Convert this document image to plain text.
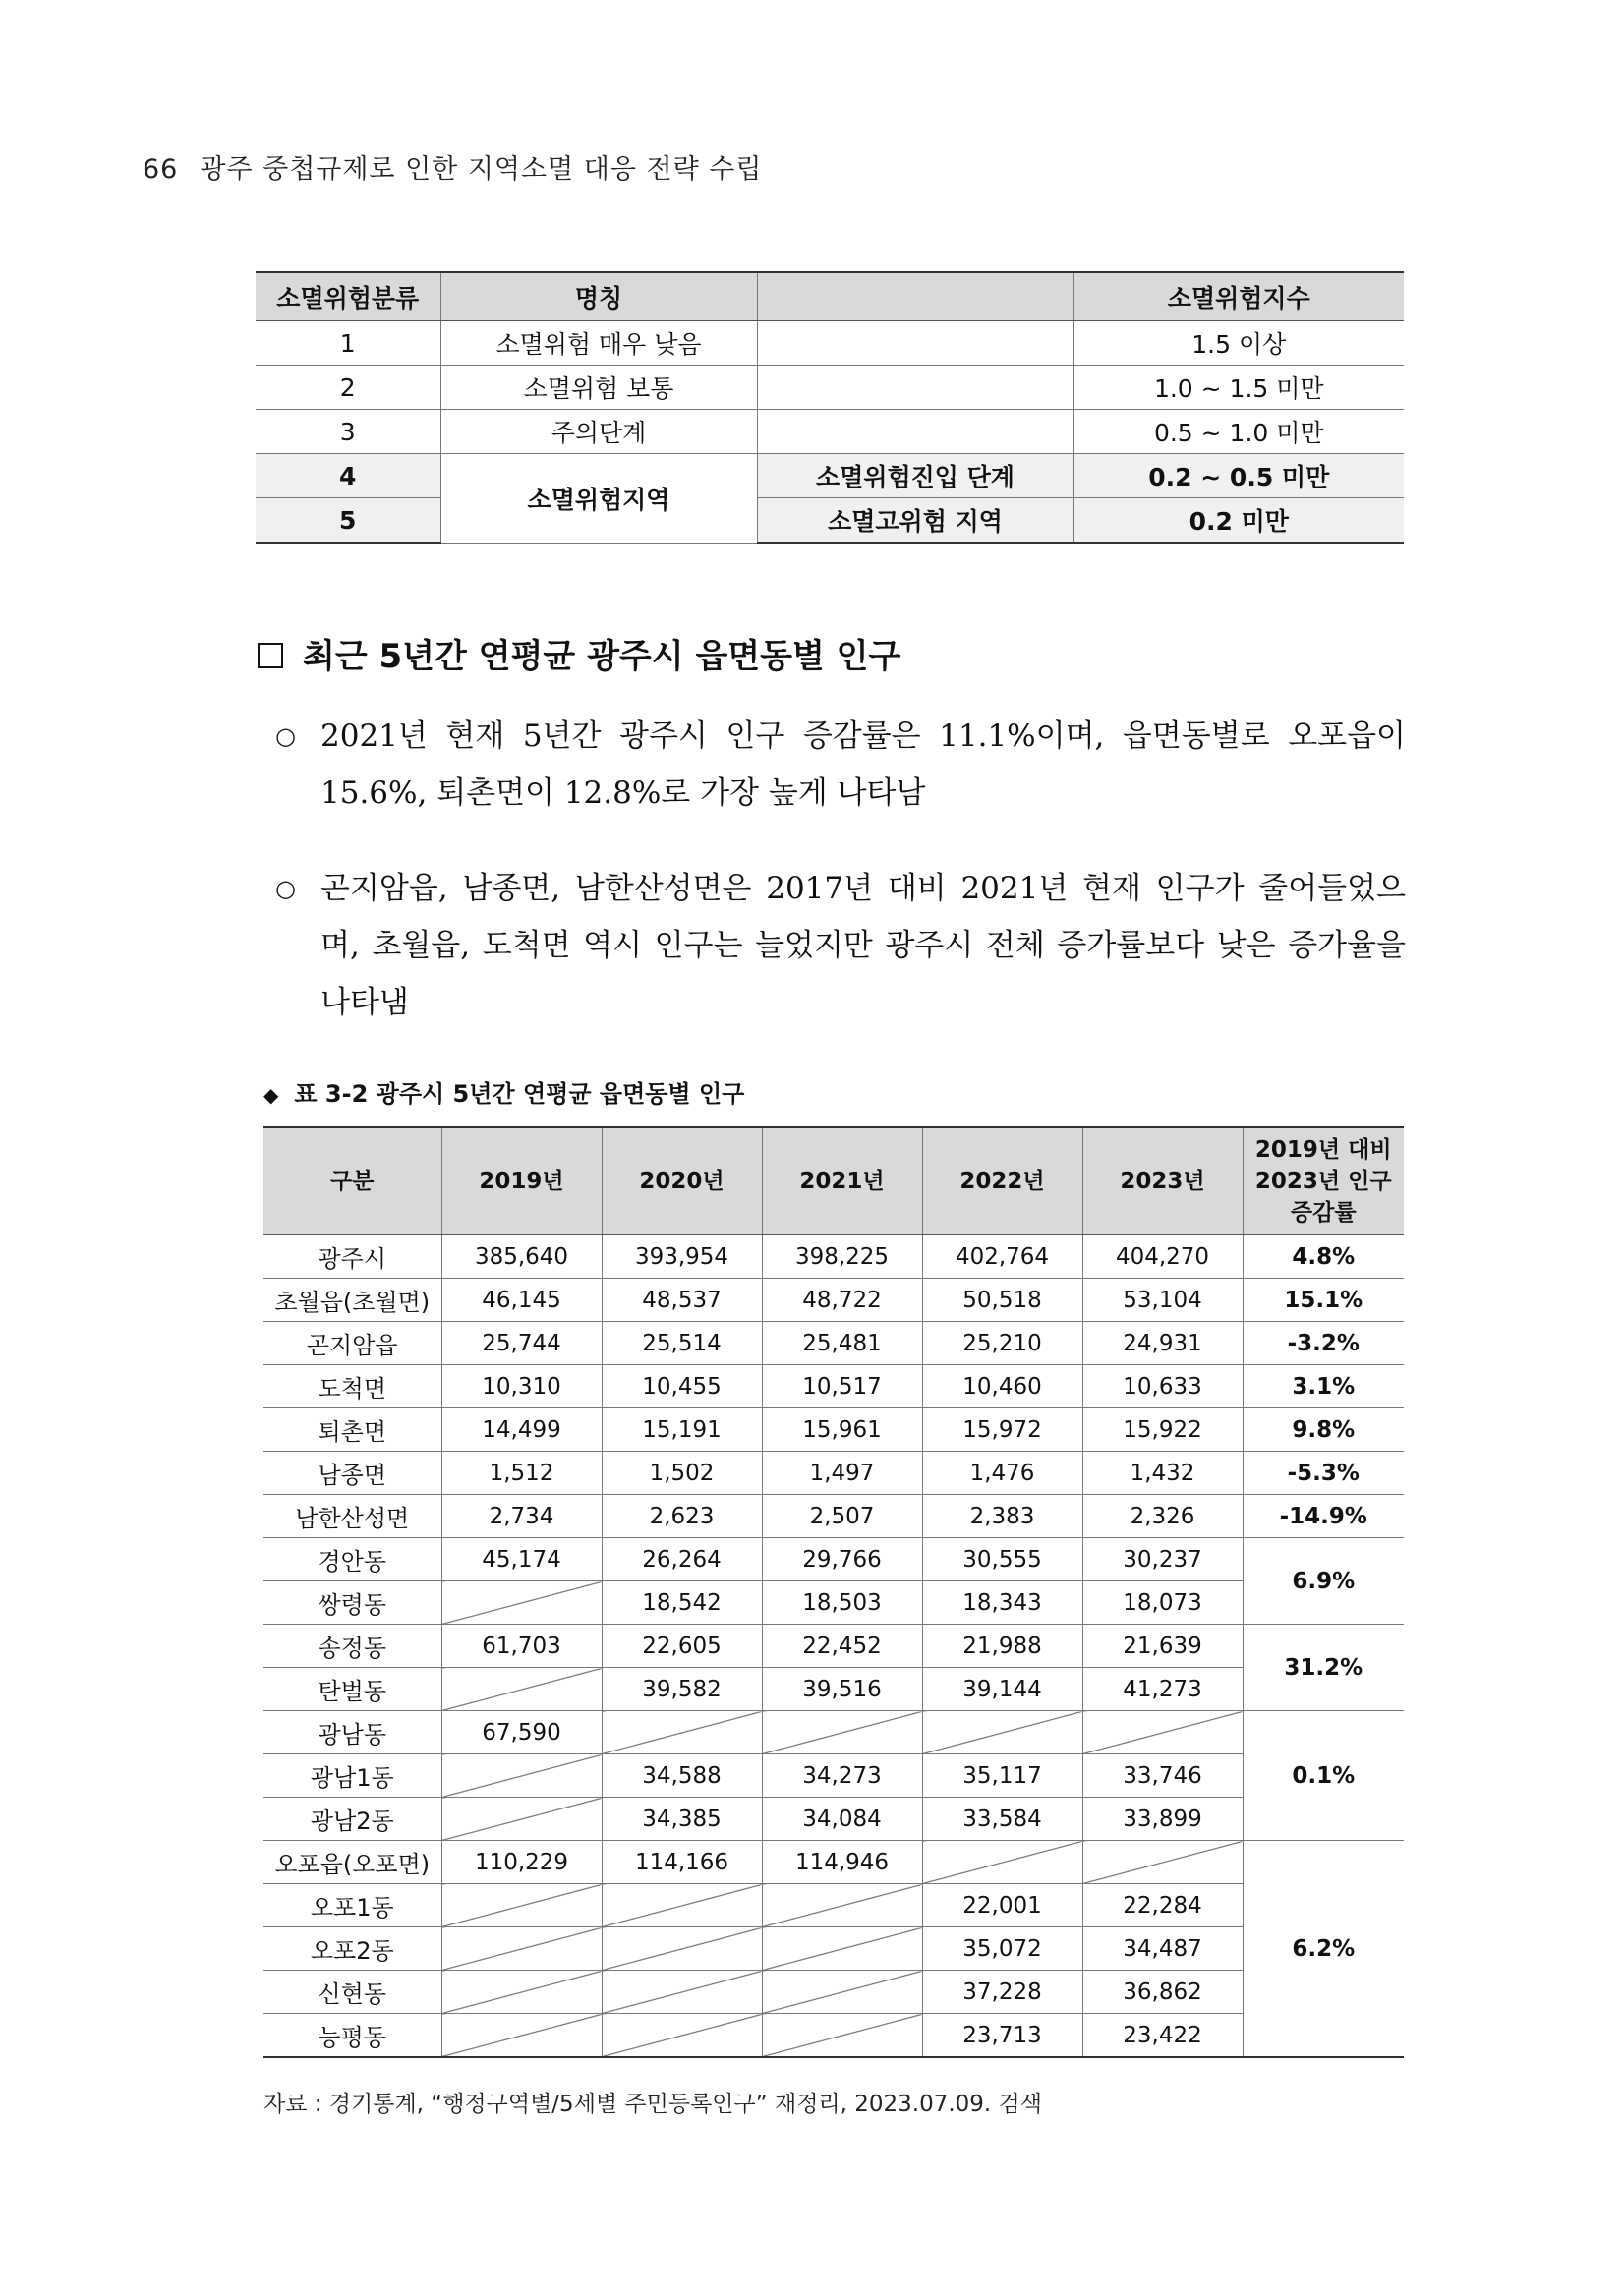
66 광주 중첩규제로 인한 지역소멸 대응 전략 수립
소멸위험분류	명칭		소멸위험지수
1	소멸위험 매우 낮음		1.5 이상
2	소멸위험 보통		1.0 ~ 1.5 미만
3	주의단계		0.5 ~ 1.0 미만
4	소멸위험지역	소멸위험진입 단계	0.2 ~ 0.5 미만
5		소멸고위험 지역	0.2 미만
최근 5년간 연평균 광주시 읍면동별 인구
○ 2021년 현재 5년간 광주시 인구 증감률은 11.1%이며, 읍면동별로 오포읍이 15.6%, 퇴촌면이 12.8%로 가장 높게 나타남
○ 곤지암읍, 남종면, 남한산성면은 2017년 대비 2021년 현재 인구가 줄어들었으며, 초월읍, 도척면 역시 인구는 늘었지만 광주시 전체 증가률보다 낮은 증가율을 나타냄
◆ 표 3-2 광주시 5년간 연평균 읍면동별 인구
구분	2019년	2020년	2021년	2022년	2023년	2019년 대비
2023년 인구
증감률
광주시	385,640	393,954	398,225	402,764	404,270	4.8%
초월읍(초월면)	46,145	48,537	48,722	50,518	53,104	15.1%
곤지암읍	25,744	25,514	25,481	25,210	24,931	-3.2%
도척면	10,310	10,455	10,517	10,460	10,633	3.1%
퇴촌면	14,499	15,191	15,961	15,972	15,922	9.8%
남종면	1,512	1,502	1,497	1,476	1,432	-5.3%
남한산성면	2,734	2,623	2,507	2,383	2,326	-14.9%
경안동	45,174	26,264	29,766	30,555	30,237	6.9%
쌍령동		18,542	18,503	18,343	18,073	
송정동	61,703	22,605	22,452	21,988	21,639	31.2%
탄벌동		39,582	39,516	39,144	41,273	
광남동	67,590					0.1%
광남1동		34,588	34,273	35,117	33,746	
광남2동		34,385	34,084	33,584	33,899	
오포읍(오포면)	110,229	114,166	114,946			6.2%
오포1동				22,001	22,284	
오포2동				35,072	34,487	
신현동				37,228	36,862	
능평동				23,713	23,422	
자료 : 경기통계, “행정구역별/5세별 주민등록인구” 재정리, 2023.07.09. 검색
